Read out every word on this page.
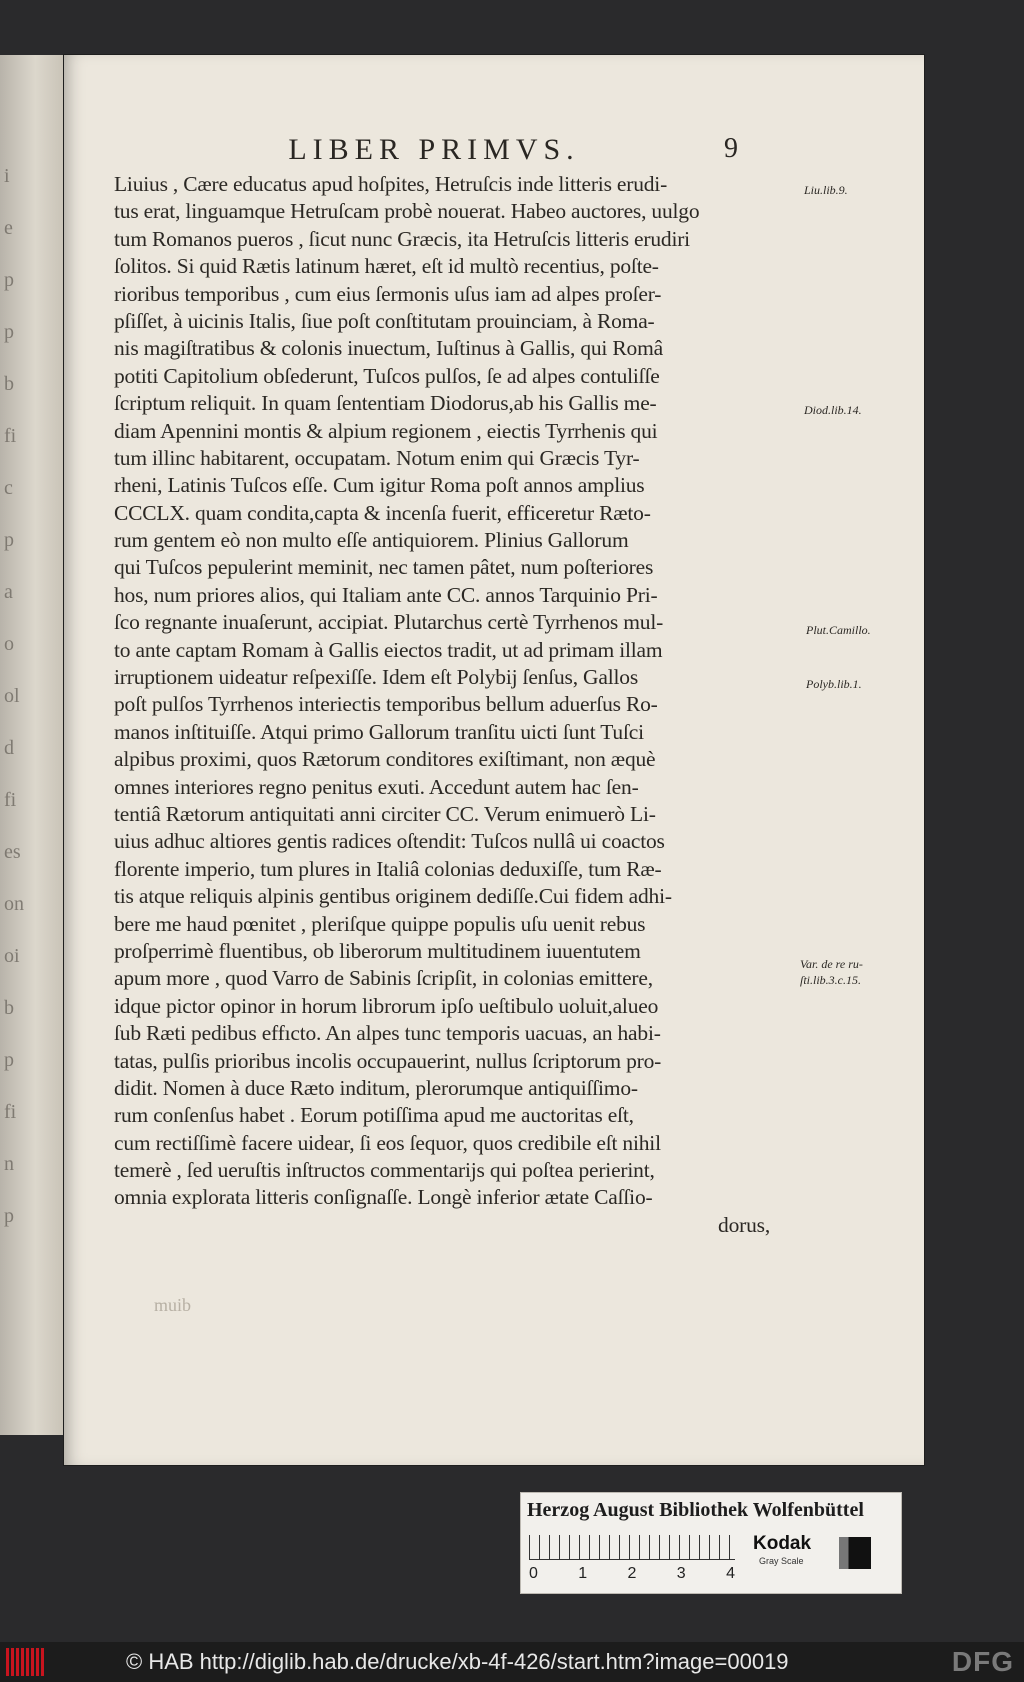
i
e
p
p
b
fi
c
p
a
o
ol
d
fi
es
on
oi
b
p
fi
n
p
LIBER PRIMVS.	9
Liu.lib.9.
Diod.lib.14.
Plut.Camillo.
Polyb.lib.1.
Var. de re ru-
ſti.lib.3.c.15.
Liuius , Cære educatus apud hoſpites, Hetruſcis inde litteris erudi-
tus erat, linguamque Hetruſcam probè nouerat. Habeo auctores, uulgo
tum Romanos pueros , ſicut nunc Græcis, ita Hetruſcis litteris erudiri
ſolitos. Si quid Rætis latinum hæret, eſt id multò recentius, poſte-
rioribus temporibus , cum eius ſermonis uſus iam ad alpes proſer-
pſiſſet, à uicinis Italis, ſiue poſt conſtitutam prouinciam, à Roma-
nis magiſtratibus & colonis inuectum, Iuſtinus à Gallis, qui Româ
potiti Capitolium obſederunt, Tuſcos pulſos, ſe ad alpes contuliſſe
ſcriptum reliquit. In quam ſententiam Diodorus,ab his Gallis me-
diam Apennini montis & alpium regionem , eiectis Tyrrhenis qui
tum illinc habitarent, occupatam. Notum enim qui Græcis Tyr-
rheni, Latinis Tuſcos eſſe. Cum igitur Roma poſt annos amplius
CCCLX. quam condita,capta & incenſa fuerit, efficeretur Ræto-
rum gentem eò non multo eſſe antiquiorem. Plinius Gallorum
qui Tuſcos pepulerint meminit, nec tamen pâtet, num poſteriores
hos, num priores alios, qui Italiam ante CC. annos Tarquinio Pri-
ſco regnante inuaſerunt, accipiat. Plutarchus certè Tyrrhenos mul-
to ante captam Romam à Gallis eiectos tradit, ut ad primam illam
irruptionem uideatur reſpexiſſe. Idem eſt Polybij ſenſus, Gallos
poſt pulſos Tyrrhenos interiectis temporibus bellum aduerſus Ro-
manos inſtituiſſe. Atqui primo Gallorum tranſitu uicti ſunt Tuſci
alpibus proximi, quos Rætorum conditores exiſtimant, non æquè
omnes interiores regno penitus exuti. Accedunt autem hac ſen-
tentiâ Rætorum antiquitati anni circiter CC. Verum enimuerò Li-
uius adhuc altiores gentis radices oſtendit: Tuſcos nullâ ui coactos
florente imperio, tum plures in Italiâ colonias deduxiſſe, tum Ræ-
tis atque reliquis alpinis gentibus originem dediſſe.Cui fidem adhi-
bere me haud pœnitet , pleriſque quippe populis uſu uenit rebus
proſperrimè fluentibus, ob liberorum multitudinem iuuentutem
apum more , quod Varro de Sabinis ſcripſit, in colonias emittere,
idque pictor opinor in horum librorum ipſo ueſtibulo uoluit,alueo
ſub Ræti pedibus effıcto. An alpes tunc temporis uacuas, an habi-
tatas, pulſis prioribus incolis occupauerint, nullus ſcriptorum pro-
didit. Nomen à duce Ræto inditum, plerorumque antiquiſſimo-
rum conſenſus habet . Eorum potiſſima apud me auctoritas eſt,
cum rectiſſimè facere uidear, ſi eos ſequor, quos credibile eſt nihil
temerè , ſed ueruſtis inſtructos commentarijs qui poſtea perierint,
omnia explorata litteris conſignaſſe. Longè inferior ætate Caſſio-
dorus,
muib
Herzog August Bibliothek Wolfenbüttel
0	1	2	3	4
Kodak
Gray Scale
© HAB http://diglib.hab.de/drucke/xb-4f-426/start.htm?image=00019	DFG
